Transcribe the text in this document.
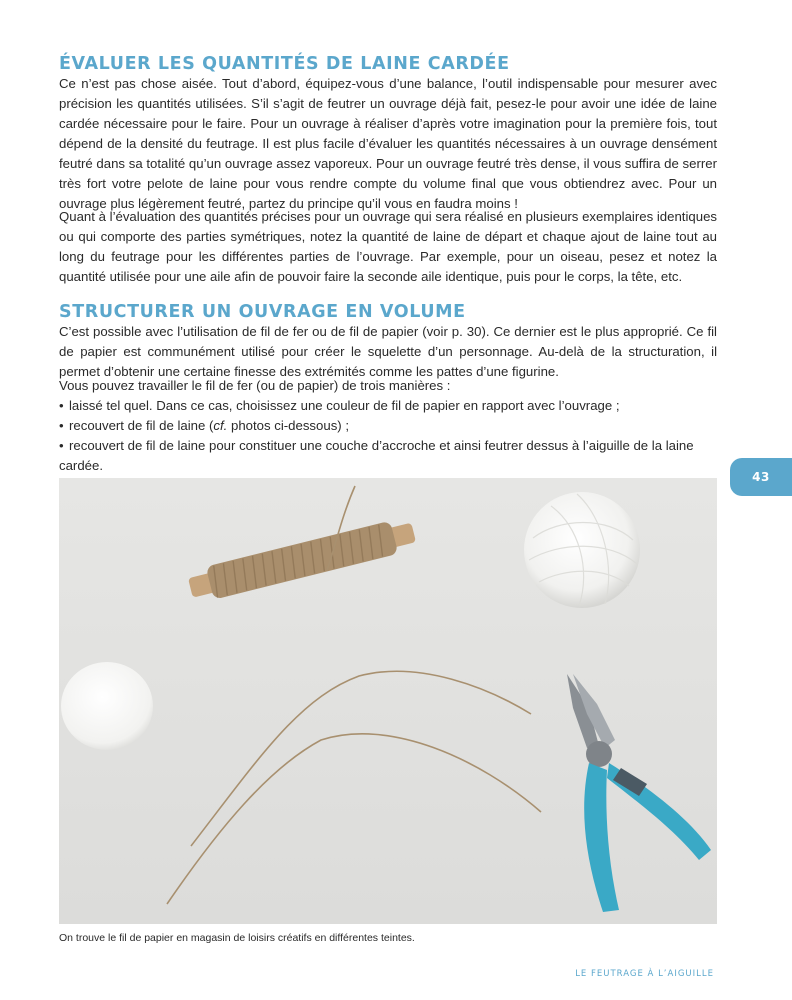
ÉVALUER LES QUANTITÉS DE LAINE CARDÉE
Ce n’est pas chose aisée. Tout d’abord, équipez-vous d’une balance, l’outil indispensable pour mesurer avec précision les quantités utilisées. S’il s’agit de feutrer un ouvrage déjà fait, pesez-le pour avoir une idée de laine cardée nécessaire pour le faire. Pour un ouvrage à réaliser d’après votre imagination pour la première fois, tout dépend de la densité du feutrage. Il est plus facile d’évaluer les quantités nécessaires à un ouvrage densément feutré dans sa totalité qu’un ouvrage assez vaporeux. Pour un ouvrage feutré très dense, il vous suffira de serrer très fort votre pelote de laine pour vous rendre compte du volume final que vous obtiendrez avec. Pour un ouvrage plus légèrement feutré, partez du principe qu’il vous en faudra moins !
Quant à l’évaluation des quantités précises pour un ouvrage qui sera réalisé en plusieurs exemplaires identiques ou qui comporte des parties symétriques, notez la quantité de laine de départ et chaque ajout de laine tout au long du feutrage pour les différentes parties de l’ouvrage. Par exemple, pour un oiseau, pesez et notez la quantité utilisée pour une aile afin de pouvoir faire la seconde aile identique, puis pour le corps, la tête, etc.
STRUCTURER UN OUVRAGE EN VOLUME
C’est possible avec l’utilisation de fil de fer ou de fil de papier (voir p. 30). Ce dernier est le plus approprié. Ce fil de papier est communément utilisé pour créer le squelette d’un personnage. Au-delà de la structuration, il permet d’obtenir une certaine finesse des extrémités comme les pattes d’une figurine.
Vous pouvez travailler le fil de fer (ou de papier) de trois manières :
• laissé tel quel. Dans ce cas, choisissez une couleur de fil de papier en rapport avec l’ouvrage ;
• recouvert de fil de laine (cf. photos ci-dessous) ;
• recouvert de fil de laine pour constituer une couche d’accroche et ainsi feutrer dessus à l’aiguille de la laine cardée.
43
On trouve le fil de papier en magasin de loisirs créatifs en différentes teintes.
LE FEUTRAGE À L’AIGUILLE
